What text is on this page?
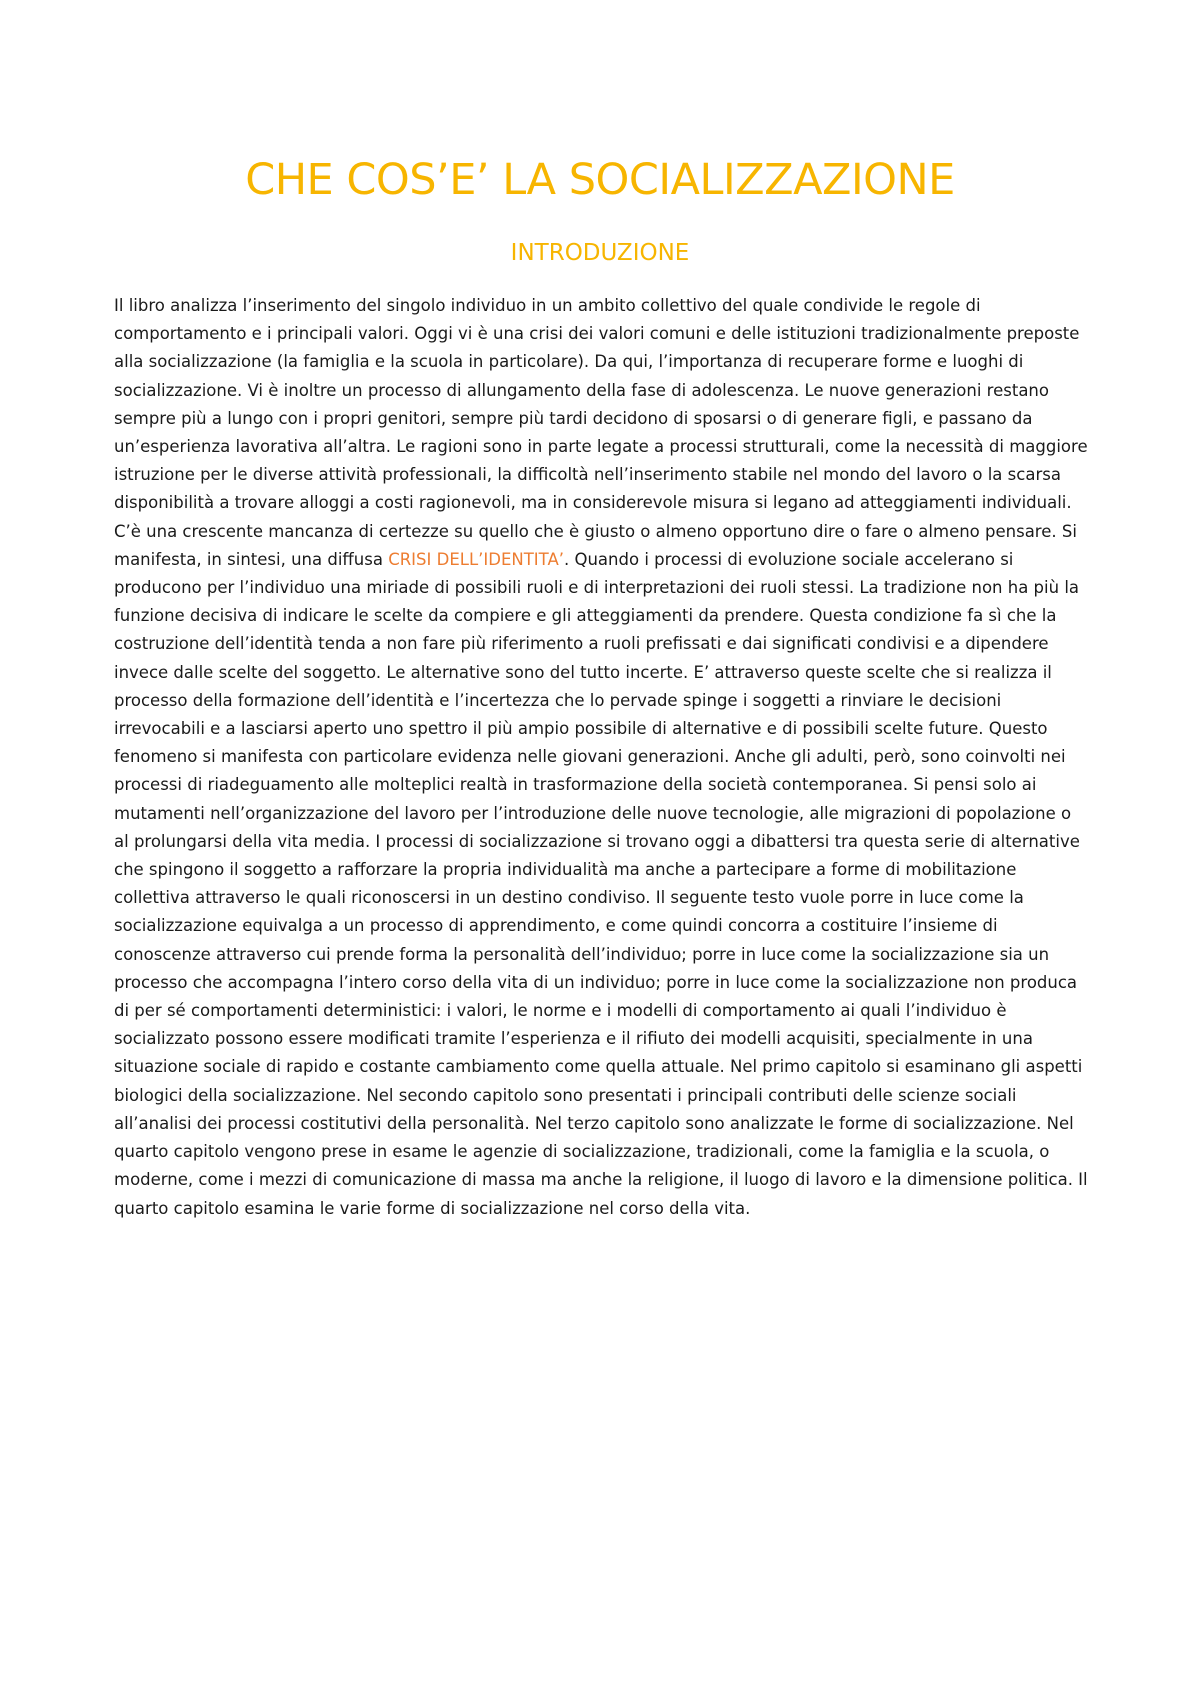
CHE COS’E’ LA SOCIALIZZAZIONE
INTRODUZIONE

Il libro analizza l’inserimento del singolo individuo in un ambito collettivo del quale condivide le regole di comportamento e i principali valori. Oggi vi è una crisi dei valori comuni e delle istituzioni tradizionalmente preposte alla socializzazione (la famiglia e la scuola in particolare). Da qui, l’importanza di recuperare forme e luoghi di socializzazione. Vi è inoltre un processo di allungamento della fase di adolescenza. Le nuove generazioni restano sempre più a lungo con i propri genitori, sempre più tardi decidono di sposarsi o di generare figli, e passano da un’esperienza lavorativa all’altra. Le ragioni sono in parte legate a processi strutturali, come la necessità di maggiore istruzione per le diverse attività professionali, la difficoltà nell’inserimento stabile nel mondo del lavoro o la scarsa disponibilità a trovare alloggi a costi ragionevoli, ma in considerevole misura si legano ad atteggiamenti individuali. C’è una crescente mancanza di certezze su quello che è giusto o almeno opportuno dire o fare o almeno pensare. Si manifesta, in sintesi, una diffusa CRISI DELL’IDENTITA’. Quando i processi di evoluzione sociale accelerano si producono per l’individuo una miriade di possibili ruoli e di interpretazioni dei ruoli stessi. La tradizione non ha più la funzione decisiva di indicare le scelte da compiere e gli atteggiamenti da prendere. Questa condizione fa sì che la costruzione dell’identità tenda a non fare più riferimento a ruoli prefissati e dai significati condivisi e a dipendere invece dalle scelte del soggetto. Le alternative sono del tutto incerte. E’ attraverso queste scelte che si realizza il processo della formazione dell’identità e l’incertezza che lo pervade spinge i soggetti a rinviare le decisioni irrevocabili e a lasciarsi aperto uno spettro il più ampio possibile di alternative e di possibili scelte future. Questo fenomeno si manifesta con particolare evidenza nelle giovani generazioni. Anche gli adulti, però, sono coinvolti nei processi di riadeguamento alle molteplici realtà in trasformazione della società contemporanea. Si pensi solo ai mutamenti nell’organizzazione del lavoro per l’introduzione delle nuove tecnologie, alle migrazioni di popolazione o al prolungarsi della vita media. I processi di socializzazione si trovano oggi a dibattersi tra questa serie di alternative che spingono il soggetto a rafforzare la propria individualità ma anche a partecipare a forme di mobilitazione collettiva attraverso le quali riconoscersi in un destino condiviso. Il seguente testo vuole porre in luce come la socializzazione equivalga a un processo di apprendimento, e come quindi concorra a costituire l’insieme di conoscenze attraverso cui prende forma la personalità dell’individuo; porre in luce come la socializzazione sia un processo che accompagna l’intero corso della vita di un individuo; porre in luce come la socializzazione non produca di per sé comportamenti deterministici: i valori, le norme e i modelli di comportamento ai quali l’individuo è socializzato possono essere modificati tramite l’esperienza e il rifiuto dei modelli acquisiti, specialmente in una situazione sociale di rapido e costante cambiamento come quella attuale. Nel primo capitolo si esaminano gli aspetti biologici della socializzazione. Nel secondo capitolo sono presentati i principali contributi delle scienze sociali all’analisi dei processi costitutivi della personalità. Nel terzo capitolo sono analizzate le forme di socializzazione. Nel quarto capitolo vengono prese in esame le agenzie di socializzazione, tradizionali, come la famiglia e la scuola, o moderne, come i mezzi di comunicazione di massa ma anche la religione, il luogo di lavoro e la dimensione politica. Il quarto capitolo esamina le varie forme di socializzazione nel corso della vita.
